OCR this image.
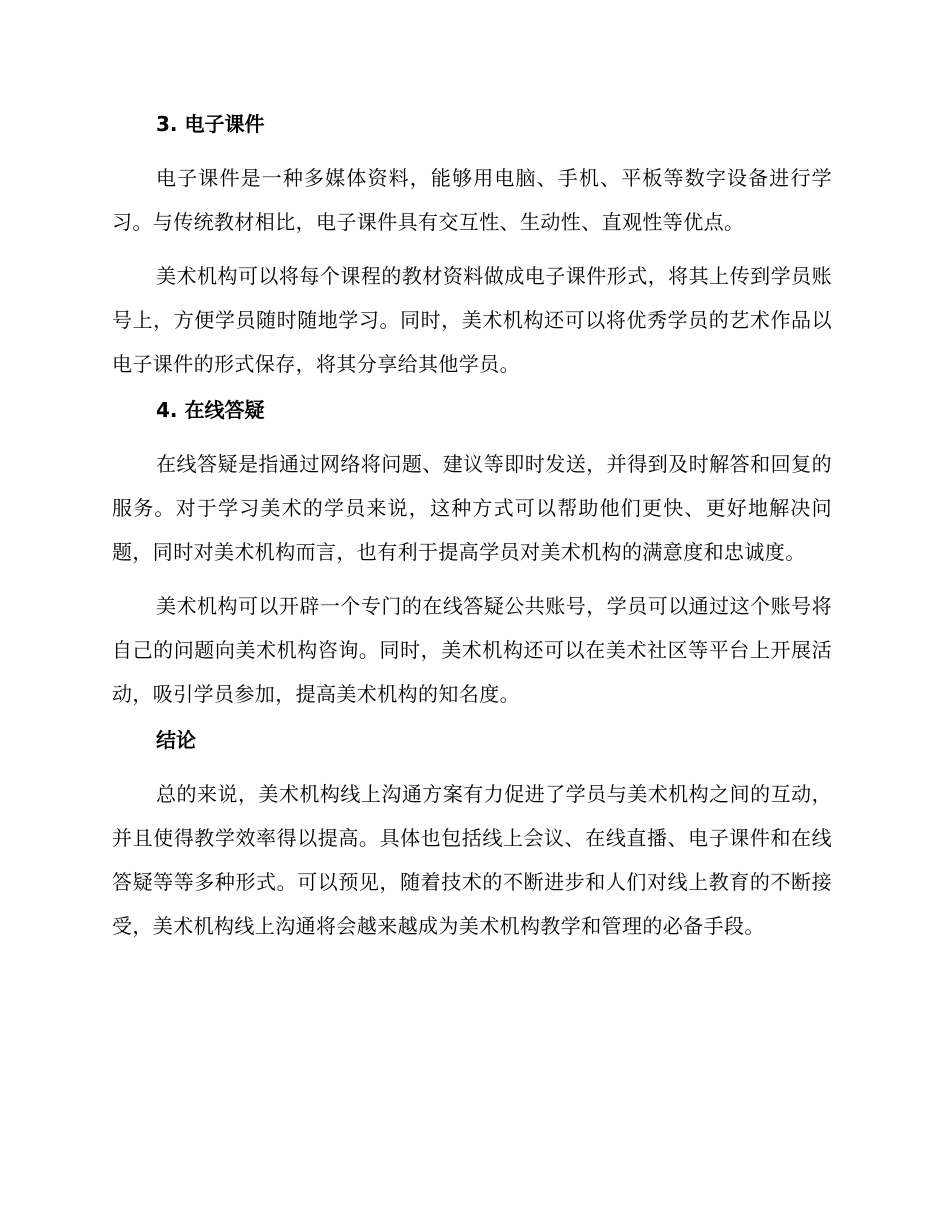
3. 电子课件

电子课件是一种多媒体资料，能够用电脑、手机、平板等数字设备进行学习。与传统教材相比，电子课件具有交互性、生动性、直观性等优点。

美术机构可以将每个课程的教材资料做成电子课件形式，将其上传到学员账号上，方便学员随时随地学习。同时，美术机构还可以将优秀学员的艺术作品以电子课件的形式保存，将其分享给其他学员。

4. 在线答疑

在线答疑是指通过网络将问题、建议等即时发送，并得到及时解答和回复的服务。对于学习美术的学员来说，这种方式可以帮助他们更快、更好地解决问题，同时对美术机构而言，也有利于提高学员对美术机构的满意度和忠诚度。

美术机构可以开辟一个专门的在线答疑公共账号，学员可以通过这个账号将自己的问题向美术机构咨询。同时，美术机构还可以在美术社区等平台上开展活动，吸引学员参加，提高美术机构的知名度。

结论

总的来说，美术机构线上沟通方案有力促进了学员与美术机构之间的互动，并且使得教学效率得以提高。具体也包括线上会议、在线直播、电子课件和在线答疑等等多种形式。可以预见，随着技术的不断进步和人们对线上教育的不断接受，美术机构线上沟通将会越来越成为美术机构教学和管理的必备手段。
